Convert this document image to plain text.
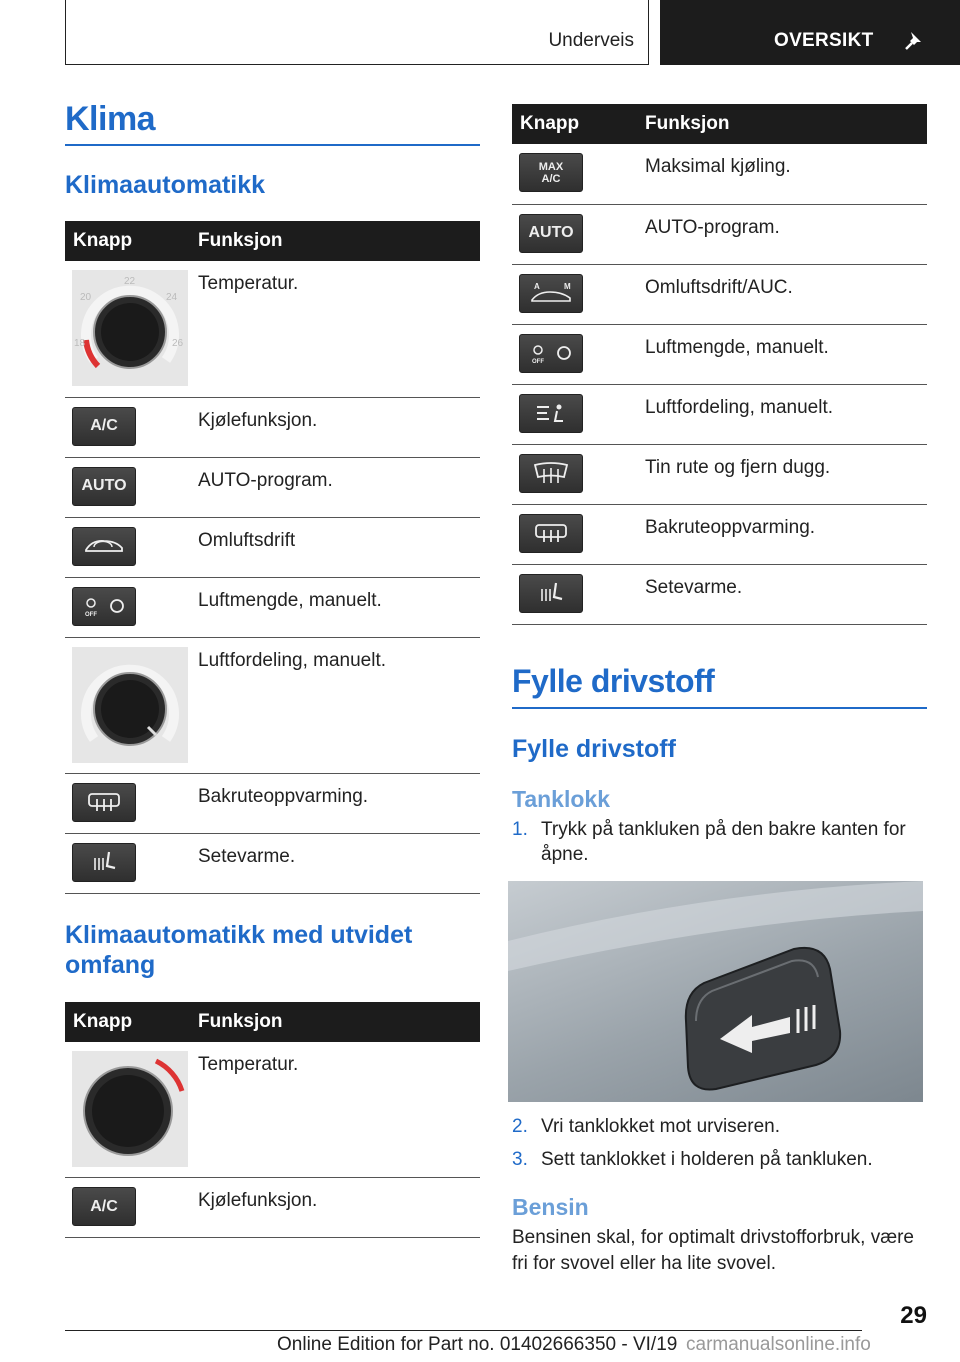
Underveis	OVERSIKT
Klima
Klimaautomatikk
Knapp	Funksjon

22
20 24
18 26	Temperatur.

A/C	Kjølefunksjon.

AUTO	AUTO-program.

	Omluftsdrift

OFF	Luftmengde, manuelt.

	Luftfordeling, manuelt.

	Bakruteoppvarming.

	Setevarme.
Klimaautomatikk med utvidet omfang
Knapp	Funksjon

	Temperatur.

A/C	Kjølefunksjon.
Knapp	Funksjon

MAX
A/C	Maksimal kjøling.

AUTO	AUTO-program.

A M	Omluftsdrift/AUC.

OFF	Luftmengde, manuelt.

	Luftfordeling, manuelt.

	Tin rute og fjern dugg.

	Bakruteoppvarming.

	Setevarme.
Fylle drivstoff
Fylle drivstoff
Tanklokk
1. Trykk på tankluken på den bakre kanten for åpne.
2. Vri tanklokket mot urviseren.
3. Sett tanklokket i holderen på tankluken.
Bensin

Bensinen skal, for optimalt drivstofforbruk, være fri for svovel eller ha lite svovel.

29
Online Edition for Part no. 01402666350 - VI/19 carmanualsonline.info
